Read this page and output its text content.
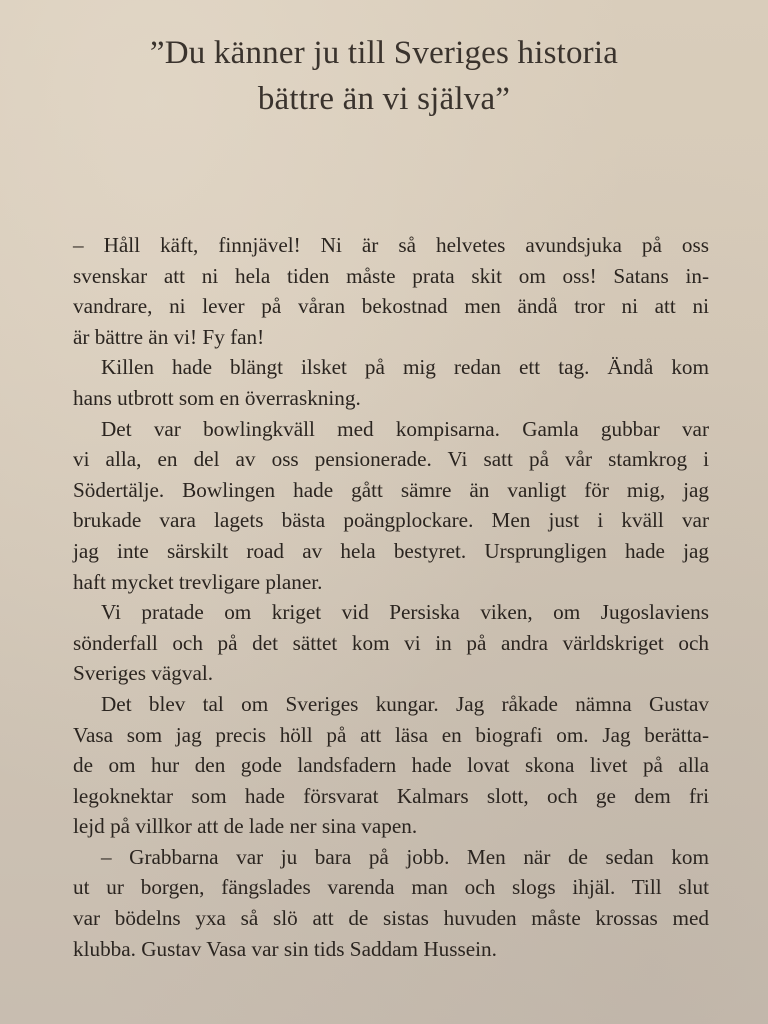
”Du känner ju till Sveriges historia
bättre än vi själva”
– Håll käft, finnjävel! Ni är så helvetes avundsjuka på oss
svenskar att ni hela tiden måste prata skit om oss! Satans in-
vandrare, ni lever på våran bekostnad men ändå tror ni att ni
är bättre än vi! Fy fan!
Killen hade blängt ilsket på mig redan ett tag. Ändå kom
hans utbrott som en överraskning.
Det var bowlingkväll med kompisarna. Gamla gubbar var
vi alla, en del av oss pensionerade. Vi satt på vår stamkrog i
Södertälje. Bowlingen hade gått sämre än vanligt för mig, jag
brukade vara lagets bästa poängplockare. Men just i kväll var
jag inte särskilt road av hela bestyret. Ursprungligen hade jag
haft mycket trevligare planer.
Vi pratade om kriget vid Persiska viken, om Jugoslaviens
sönderfall och på det sättet kom vi in på andra världskriget och
Sveriges vägval.
Det blev tal om Sveriges kungar. Jag råkade nämna Gustav
Vasa som jag precis höll på att läsa en biografi om. Jag berätta-
de om hur den gode landsfadern hade lovat skona livet på alla
legoknektar som hade försvarat Kalmars slott, och ge dem fri
lejd på villkor att de lade ner sina vapen.
– Grabbarna var ju bara på jobb. Men när de sedan kom
ut ur borgen, fängslades varenda man och slogs ihjäl. Till slut
var bödelns yxa så slö att de sistas huvuden måste krossas med
klubba. Gustav Vasa var sin tids Saddam Hussein.
